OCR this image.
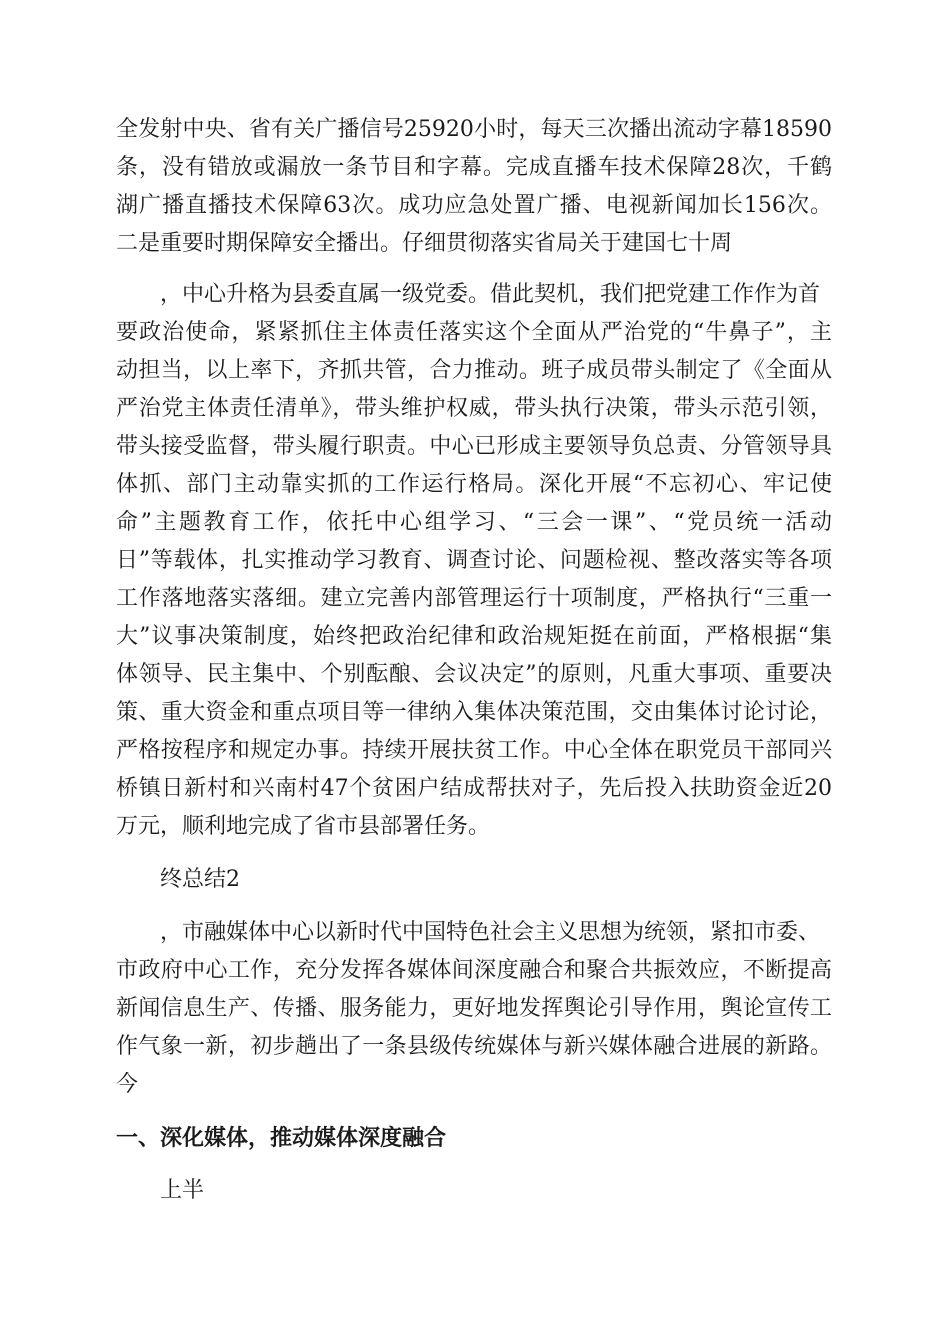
全发射中央、省有关广播信号25920小时，每天三次播出流动字幕18590
条，没有错放或漏放一条节目和字幕。完成直播车技术保障28次，千鹤
湖广播直播技术保障63次。成功应急处置广播、电视新闻加长156次。
二是重要时期保障安全播出。仔细贯彻落实省局关于建国七十周
，中心升格为县委直属一级党委。借此契机，我们把党建工作作为首
要政治使命，紧紧抓住主体责任落实这个全面从严治党的“牛鼻子”，主
动担当，以上率下，齐抓共管，合力推动。班子成员带头制定了《全面从
严治党主体责任清单》，带头维护权威，带头执行决策，带头示范引领，
带头接受监督，带头履行职责。中心已形成主要领导负总责、分管领导具
体抓、部门主动靠实抓的工作运行格局。深化开展“不忘初心、牢记使
命”主题教育工作，依托中心组学习、“三会一课”、“党员统一活动
日”等载体，扎实推动学习教育、调查讨论、问题检视、整改落实等各项
工作落地落实落细。建立完善内部管理运行十项制度，严格执行“三重一
大”议事决策制度，始终把政治纪律和政治规矩挺在前面，严格根据“集
体领导、民主集中、个别酝酿、会议决定”的原则，凡重大事项、重要决
策、重大资金和重点项目等一律纳入集体决策范围，交由集体讨论讨论，
严格按程序和规定办事。持续开展扶贫工作。中心全体在职党员干部同兴
桥镇日新村和兴南村47个贫困户结成帮扶对子，先后投入扶助资金近20
万元，顺利地完成了省市县部署任务。
终总结2
，市融媒体中心以新时代中国特色社会主义思想为统领，紧扣市委、
市政府中心工作，充分发挥各媒体间深度融合和聚合共振效应，不断提高
新闻信息生产、传播、服务能力，更好地发挥舆论引导作用，舆论宣传工
作气象一新，初步趟出了一条县级传统媒体与新兴媒体融合进展的新路。
今
一、深化媒体，推动媒体深度融合
上半
